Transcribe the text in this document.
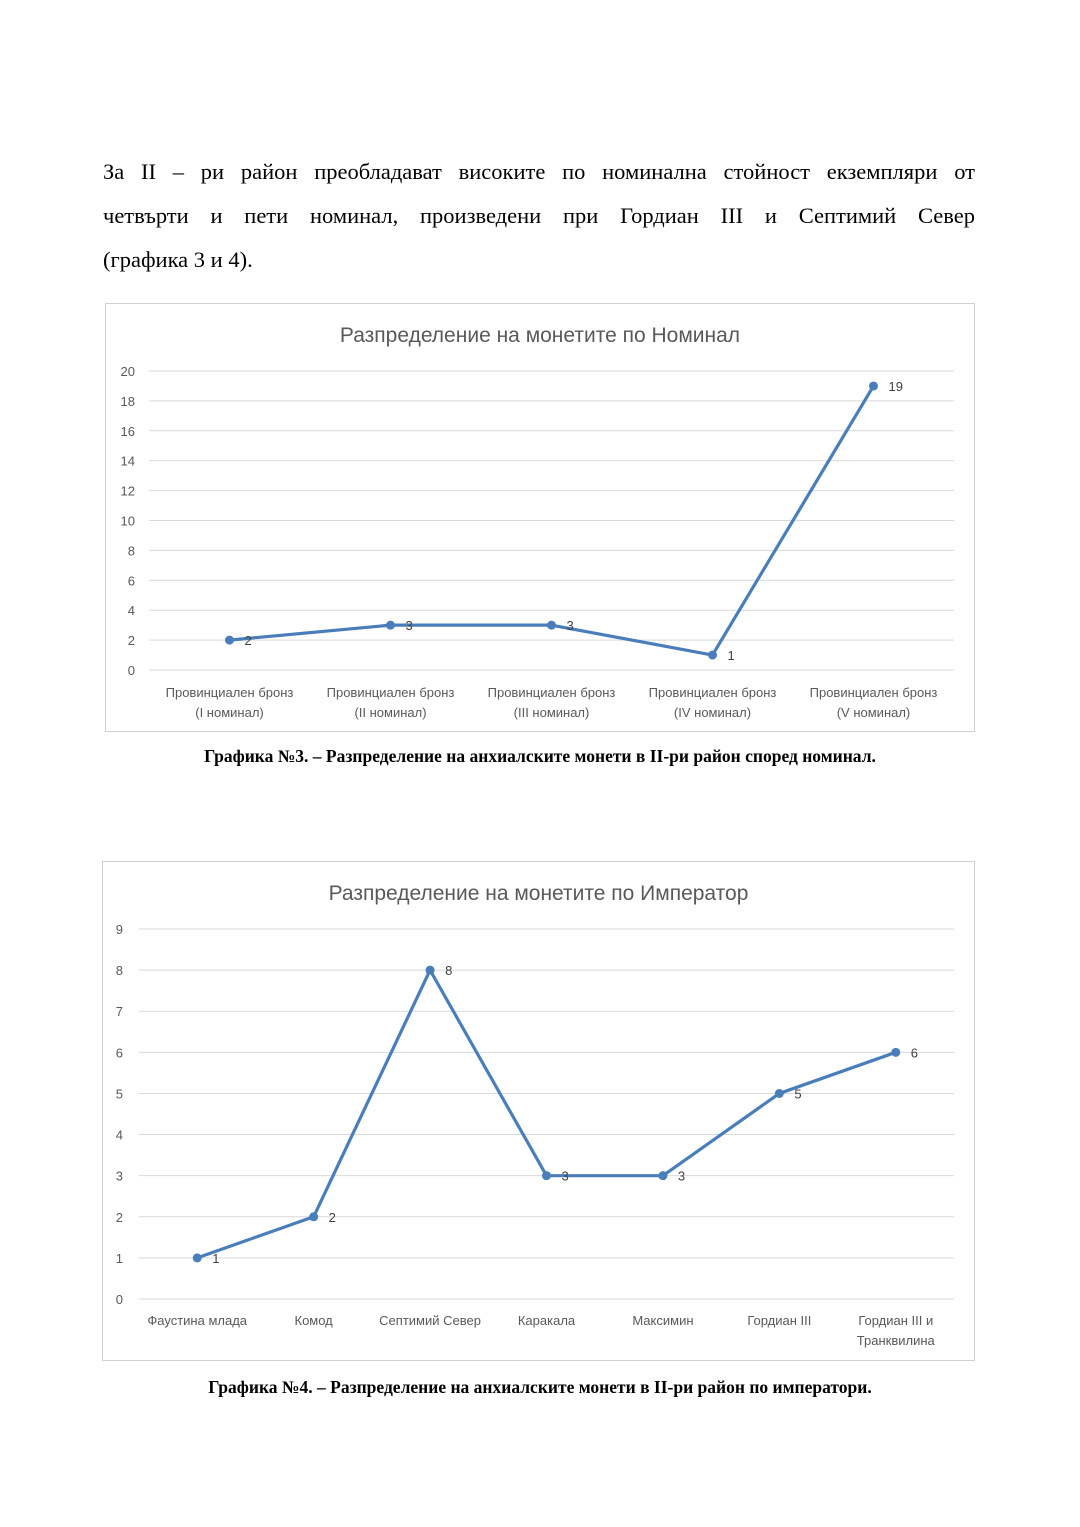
За II – ри район преобладават високите по номинална стойност екземпляри от
четвърти и пети номинал, произведени при Гордиан III и Септимий Север
(графика 3 и 4).
Разпределение на монетите по Номинал
0
2
4
6
8
10
12
14
16
18
20
Провинциален бронз
(I номинал)
Провинциален бронз
(II номинал)
Провинциален бронз
(III номинал)
Провинциален бронз
(IV номинал)
Провинциален бронз
(V номинал)
2
3	3
1
19

Графика №3. – Разпределение на анхиалските монети в II-ри район според номинал.

Разпределение на монетите по Император
0
1
2
3
4
5
6
7
8
9
Фаустина млада	Комод	Септимий Север	Каракала	Максимин	Гордиан III	Гордиан III и
Транквилина
1
2
8
3	3
5
6

Графика №4. – Разпределение на анхиалските монети в II-ри район по императори.
